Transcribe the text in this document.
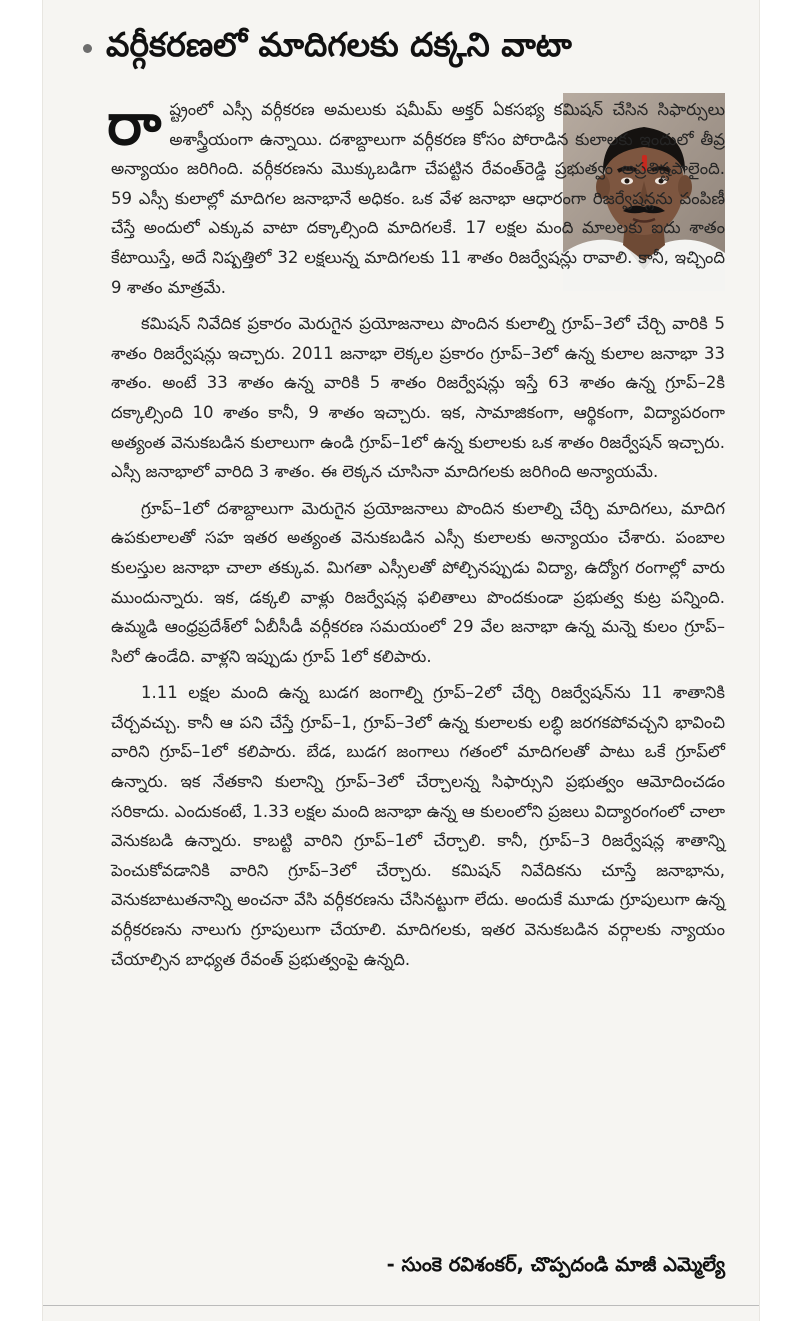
వర్గీకరణలో మాదిగలకు దక్కని వాటా

రాష్ట్రంలో ఎస్సీ వర్గీకరణ అమలుకు షమీమ్ అక్తర్ ఏకసభ్య కమిషన్ చేసిన సిఫార్సులు అశాస్త్రీయంగా ఉన్నాయి. దశాబ్దాలుగా వర్గీకరణ కోసం పోరాడిన కులాలకు ఇందులో తీవ్ర అన్యాయం జరిగింది. వర్గీకరణను మొక్కుబడిగా చేపట్టిన రేవంత్‌రెడ్డి ప్రభుత్వం అప్రతిష్టపాలైంది. 59 ఎస్సీ కులాల్లో మాదిగల జనాభానే అధికం. ఒక వేళ జనాభా ఆధారంగా రిజర్వేషన్లను పంపిణీ చేస్తే అందులో ఎక్కువ వాటా దక్కాల్సింది మాదిగలకే. 17 లక్షల మంది మాలలకు ఐదు శాతం కేటాయిస్తే, అదే నిష్పత్తిలో 32 లక్షలున్న మాదిగలకు 11 శాతం రిజర్వేషన్లు రావాలి. కానీ, ఇచ్చింది 9 శాతం మాత్రమే.

కమిషన్ నివేదిక ప్రకారం మెరుగైన ప్రయోజనాలు పొందిన కులాల్ని గ్రూప్–3లో చేర్చి వారికి 5 శాతం రిజర్వేషన్లు ఇచ్చారు. 2011 జనాభా లెక్కల ప్రకారం గ్రూప్–3లో ఉన్న కులాల జనాభా 33 శాతం. అంటే 33 శాతం ఉన్న వారికి 5 శాతం రిజర్వేషన్లు ఇస్తే 63 శాతం ఉన్న గ్రూప్–2కి దక్కాల్సింది 10 శాతం కానీ, 9 శాతం ఇచ్చారు. ఇక, సామాజికంగా, ఆర్థికంగా, విద్యాపరంగా అత్యంత వెనుకబడిన కులాలుగా ఉండి గ్రూప్–1లో ఉన్న కులాలకు ఒక శాతం రిజర్వేషన్ ఇచ్చారు. ఎస్సీ జనాభాలో వారిది 3 శాతం. ఈ లెక్కన చూసినా మాదిగలకు జరిగింది అన్యాయమే.

గ్రూప్–1లో దశాబ్దాలుగా మెరుగైన ప్రయోజనాలు పొందిన కులాల్ని చేర్చి మాదిగలు, మాదిగ ఉపకులాలతో సహ ఇతర అత్యంత వెనుకబడిన ఎస్సీ కులాలకు అన్యాయం చేశారు. పంబాల కులస్తుల జనాభా చాలా తక్కువ. మిగతా ఎస్సీలతో పోల్చినప్పుడు విద్యా, ఉద్యోగ రంగాల్లో వారు ముందున్నారు. ఇక, డక్కలి వాళ్లు రిజర్వేషన్ల ఫలితాలు పొందకుండా ప్రభుత్వ కుట్ర పన్నింది. ఉమ్మడి ఆంధ్రప్రదేశ్‌లో ఏబీసీడీ వర్గీకరణ సమయంలో 29 వేల జనాభా ఉన్న మన్నె కులం గ్రూప్–సిలో ఉండేది. వాళ్లని ఇప్పుడు గ్రూప్ 1లో కలిపారు.

1.11 లక్షల మంది ఉన్న బుడగ జంగాల్ని గ్రూప్–2లో చేర్చి రిజర్వేషన్‌ను 11 శాతానికి చేర్చవచ్చు. కానీ ఆ పని చేస్తే గ్రూప్–1, గ్రూప్–3లో ఉన్న కులాలకు లబ్ధి జరగకపోవచ్చని భావించి వారిని గ్రూప్–1లో కలిపారు. బేడ, బుడగ జంగాలు గతంలో మాదిగలతో పాటు ఒకే గ్రూప్‌లో ఉన్నారు. ఇక నేతకాని కులాన్ని గ్రూప్–3లో చేర్చాలన్న సిఫార్సుని ప్రభుత్వం ఆమోదించడం సరికాదు. ఎందుకంటే, 1.33 లక్షల మంది జనాభా ఉన్న ఆ కులంలోని ప్రజలు విద్యారంగంలో చాలా వెనుకబడి ఉన్నారు. కాబట్టి వారిని గ్రూప్–1లో చేర్చాలి. కానీ, గ్రూప్–3 రిజర్వేషన్ల శాతాన్ని పెంచుకోవడానికి వారిని గ్రూప్–3లో చేర్చారు. కమిషన్ నివేదికను చూస్తే జనాభాను, వెనుకబాటుతనాన్ని అంచనా వేసి వర్గీకరణను చేసినట్టుగా లేదు. అందుకే మూడు గ్రూపులుగా ఉన్న వర్గీకరణను నాలుగు గ్రూపులుగా చేయాలి. మాదిగలకు, ఇతర వెనుకబడిన వర్గాలకు న్యాయం చేయాల్సిన బాధ్యత రేవంత్ ప్రభుత్వంపై ఉన్నది.

- సుంకె రవిశంకర్, చొప్పదండి మాజీ ఎమ్మెల్యే
